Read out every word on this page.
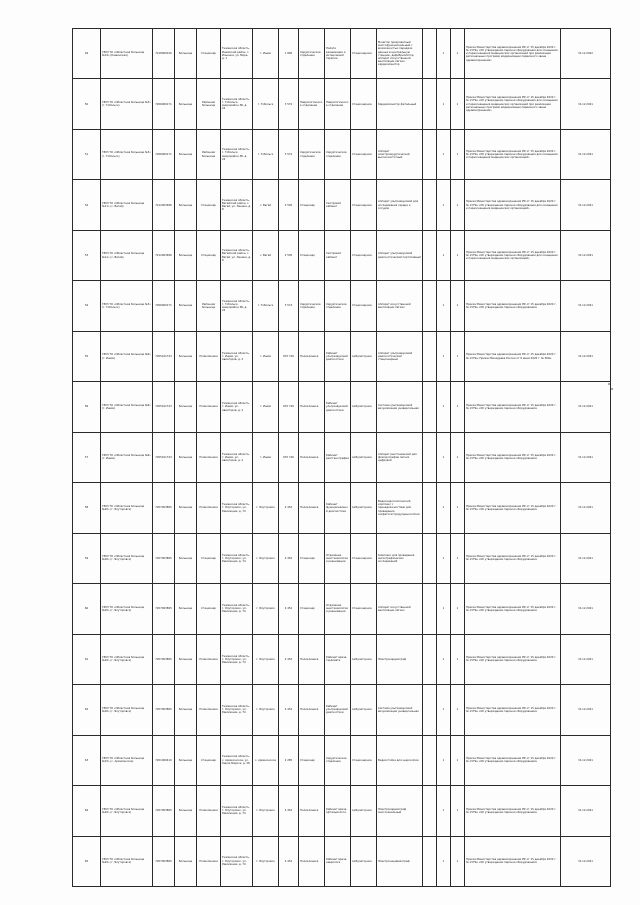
49	ГБУЗ ТО «Областная больница №14» (Кашинская)	7218000016	Больница	Стационар	Тюменская область, Ишимский район, с. Ильинка, ул. Мира, д. 1	г. Ишим	1 890	Хирургическое отделение	Палата реанимации и интенсивной терапии	Стационарное	Монитор прикроватный многофункциональный с возможностью передачи данных в центральную станцию, дефибриллятор, аппарат искусственной вентиляции лёгких, кардиомонитор		1	1	Приказ Министерства здравоохранения РФ от 15 декабря 2020 г. № 1379н «Об утверждении перечня оборудования для оснащения и переоснащения медицинских организаций при реализации региональных программ модернизации первичного звена здравоохранения»	31.12.2022
50	ГБУЗ ТО «Областная больница №3» (г. Тобольск)	7206000171	Больница	Районная больница	Тюменская область, г. Тобольск, микрорайон 3Б, д. 24	г. Тобольск	3 574	Неврологическое отделение	Неврологическое отделение	Стационарное	Кардиомонитор фетальный		1	1	Приказ Министерства здравоохранения РФ от 15 декабря 2020 г. № 1379н «Об утверждении перечня оборудования для оснащения и переоснащения медицинских организаций при реализации региональных программ модернизации первичного звена здравоохранения»	31.12.2021
51	ГБУЗ ТО «Областная больница №3» (г. Тобольск)	7206000171	Больница	Районная больница	Тюменская область, г. Тобольск, микрорайон 3Б, д. 24	г. Тобольск	3 574	Хирургическое отделение	Хирургическое отделение	Стационарное	Аппарат электрохирургический высокочастотный		1	1	Приказ Министерства здравоохранения РФ от 15 декабря 2020 г. № 1379н «Об утверждении перечня оборудования для оснащения и переоснащения медицинских организаций»	31.12.2021
52	ГБУЗ ТО «Областная больница №11» (с. Вагай)	7212003486	Больница	Стационар	Тюменская область, Вагайский район, с. Вагай, ул. Ленина, д. 8	с. Вагай	2 505	Стационар	Смотровой кабинет	Стационарное	Аппарат ультразвуковой для исследования сердца и сосудов		1	1	Приказ Министерства здравоохранения РФ от 15 декабря 2020 г. № 1379н «Об утверждении перечня оборудования для оснащения и переоснащения медицинских организаций»	31.12.2021
53	ГБУЗ ТО «Областная больница №11» (с. Вагай)	7212003486	Больница	Стационар	Тюменская область, Вагайский район, с. Вагай, ул. Ленина, д. 8	с. Вагай	2 505	Стационар	Смотровой кабинет	Стационарное	Аппарат ультразвуковой диагностический портативный		1	1	Приказ Министерства здравоохранения РФ от 15 декабря 2020 г. № 1379н «Об утверждении перечня оборудования для оснащения и переоснащения медицинских организаций»	31.12.2021
54	ГБУЗ ТО «Областная больница №3» (г. Тобольск)	7206000171	Больница	Районная больница	Тюменская область, г. Тобольск, микрорайон 3Б, д. 24	г. Тобольск	3 574	Хирургическое отделение	Хирургическое отделение	Стационарное	Аппарат искусственной вентиляции лёгких		1	1	Приказ Министерства здравоохранения РФ от 15 декабря 2020 г. № 1379н «Об утверждении перечня оборудования»	31.12.2021
55	ГБУЗ ТО «Областная больница №6» (г. Ишим)	7205011743	Больница	Поликлиника	Тюменская область, г. Ишим, ул. Авиаторов, д. 2	г. Ишим	670 746	Поликлиника	Кабинет ультразвуковой диагностики	Амбулаторное	Аппарат ультразвуковой диагностический стационарный		1	1	Приказ Министерства здравоохранения РФ от 15 декабря 2020 г. № 1379н; Приказ Минздрава России от 9 июня 2020 г. № 560н	31.12.2021
56	ГБУЗ ТО «Областная больница №6» (г. Ишим)	7205011743	Больница	Поликлиника	Тюменская область, г. Ишим, ул. Авиаторов, д. 2	г. Ишим	670 746	Поликлиника	Кабинет ультразвуковой диагностики	Амбулаторное	Система ультразвуковой визуализации универсальная		1	1	Приказ Министерства здравоохранения РФ от 15 декабря 2020 г. № 1379н «Об утверждении перечня оборудования»	31.12.2021
57	ГБУЗ ТО «Областная больница №6» (г. Ишим)	7205011743	Больница	Поликлиника	Тюменская область, г. Ишим, ул. Авиаторов, д. 2	г. Ишим	670 746	Поликлиника	Кабинет рентгенографии	Амбулаторное	Аппарат рентгеновский для флюорографии легких цифровой		1	1	Приказ Министерства здравоохранения РФ от 15 декабря 2020 г. № 1379н «Об утверждении перечня оборудования»	31.12.2021
58	ГБУЗ ТО «Областная больница №20» (г. Ялуторовск)	7207003895	Больница	Поликлиника	Тюменская область, г. Ялуторовск, ул. Революции, д. 74	г. Ялуторовск	4 452	Поликлиника	Кабинет функциональной диагностики	Амбулаторное	Видеоэндоскопический комплекс с принадлежностями для проведения эзофагогастродуоденоскопии		1	1	Приказ Министерства здравоохранения РФ от 15 декабря 2020 г. № 1379н «Об утверждении перечня оборудования»	31.12.2021
59	ГБУЗ ТО «Областная больница №20» (г. Ялуторовск)	7207003895	Больница	Стационар	Тюменская область, г. Ялуторовск, ул. Революции, д. 74	г. Ялуторовск	4 452	Стационар	Отделение анестезиологии и реанимации	Стационарное	Комплекс для проведения ангиографических исследований		1	1	Приказ Министерства здравоохранения РФ от 15 декабря 2020 г. № 1379н «Об утверждении перечня оборудования»	31.12.2021
60	ГБУЗ ТО «Областная больница №20» (г. Ялуторовск)	7207003895	Больница	Стационар	Тюменская область, г. Ялуторовск, ул. Революции, д. 74	г. Ялуторовск	4 452	Стационар	Отделение анестезиологии и реанимации	Стационарное	Аппарат искусственной вентиляции лёгких		1	1	Приказ Министерства здравоохранения РФ от 15 декабря 2020 г. № 1379н «Об утверждении перечня оборудования»	31.12.2021
61	ГБУЗ ТО «Областная больница №20» (г. Ялуторовск)	7207003895	Больница	Поликлиника	Тюменская область, г. Ялуторовск, ул. Революции, д. 74	г. Ялуторовск	4 452	Поликлиника	Кабинет врача-терапевта	Амбулаторное	Электрокардиограф		1	1	Приказ Министерства здравоохранения РФ от 15 декабря 2020 г. № 1379н «Об утверждении перечня оборудования»	31.12.2021
62	ГБУЗ ТО «Областная больница №20» (г. Ялуторовск)	7207003895	Больница	Поликлиника	Тюменская область, г. Ялуторовск, ул. Революции, д. 74	г. Ялуторовск	4 452	Поликлиника	Кабинет ультразвуковой диагностики	Амбулаторное	Система ультразвуковой визуализации универсальная		1	1	Приказ Министерства здравоохранения РФ от 15 декабря 2020 г. № 1379н «Об утверждении перечня оборудования»	31.12.2021
63	ГБУЗ ТО «Областная больница №15» (с. Армизонское)	7201000410	Больница	Стационар	Тюменская область, с. Армизонское, ул. Карла Маркса, д. 38	с. Армизонское	2 285	Стационар	Хирургическое отделение	Стационарное	Видеостойка для эндоскопии		1	1	Приказ Министерства здравоохранения РФ от 15 декабря 2020 г. № 1379н «Об утверждении перечня оборудования»	31.12.2021
64	ГБУЗ ТО «Областная больница №20» (г. Ялуторовск)	7207003895	Больница	Поликлиника	Тюменская область, г. Ялуторовск, ул. Революции, д. 74	г. Ялуторовск	4 452	Поликлиника	Кабинет врача-офтальмолога	Амбулаторное	Электрокардиограф многоканальный		1	1	Приказ Министерства здравоохранения РФ от 15 декабря 2020 г. № 1379н «Об утверждении перечня оборудования»	31.12.2021
65	ГБУЗ ТО «Областная больница №20» (г. Ялуторовск)	7207003895	Больница	Поликлиника	Тюменская область, г. Ялуторовск, ул. Революции, д. 74	г. Ялуторовск	4 452	Поликлиника	Кабинет врача-невролога	Амбулаторное	Электроэнцефалограф		1	1	Приказ Министерства здравоохранения РФ от 15 декабря 2020 г. № 1379н «Об утверждении перечня оборудования»	31.12.2021
